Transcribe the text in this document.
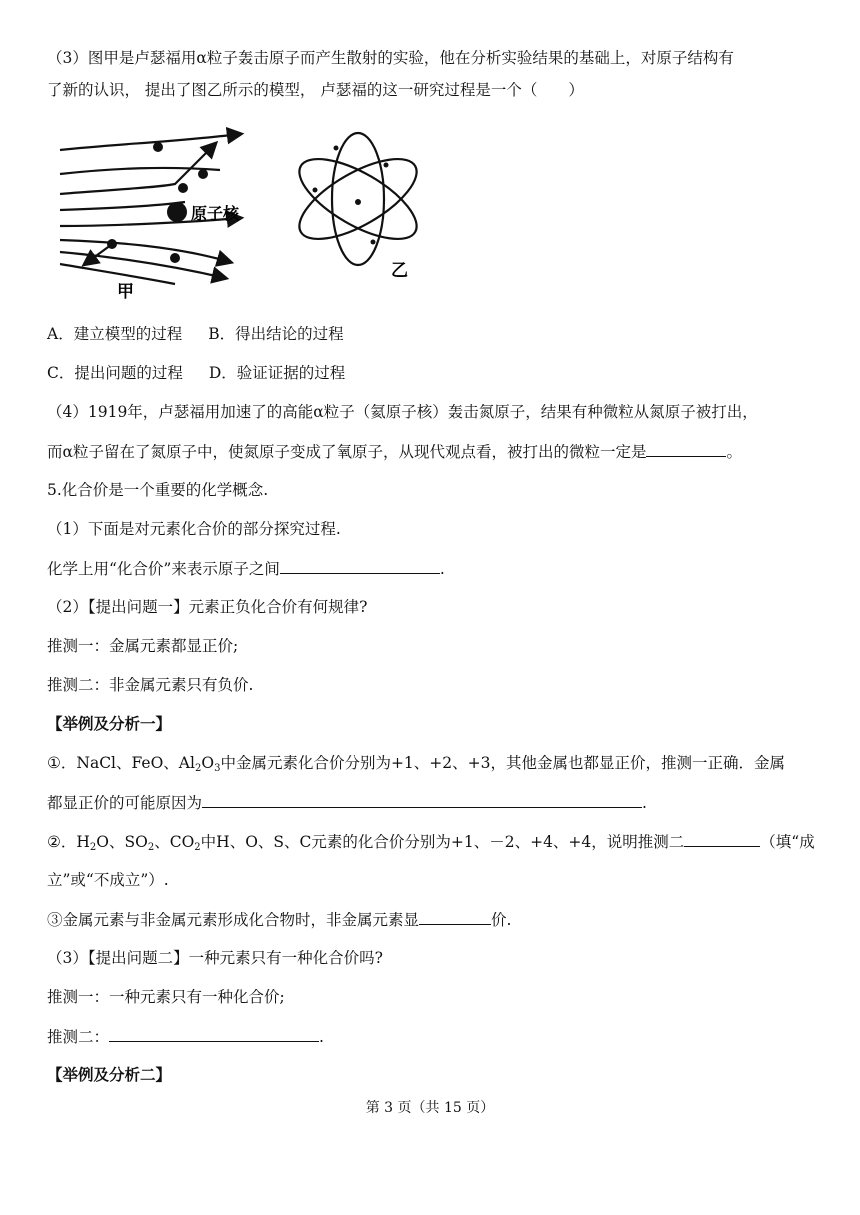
（3）图甲是卢瑟福用α粒子轰击原子而产生散射的实验，他在分析实验结果的基础上，对原子结构有
了新的认识， 提出了图乙所示的模型， 卢瑟福的这一研究过程是一个（　　）
原子核
甲
乙
A．建立模型的过程 B．得出结论的过程
C．提出问题的过程 D．验证证据的过程
（4）1919年，卢瑟福用加速了的高能α粒子（氦原子核）轰击氮原子，结果有种微粒从氮原子被打出，
而α粒子留在了氮原子中，使氮原子变成了氧原子，从现代观点看，被打出的微粒一定是	。
5.化合价是一个重要的化学概念.
（1）下面是对元素化合价的部分探究过程.
化学上用“化合价”来表示原子之间	.
（2）【提出问题一】元素正负化合价有何规律?
推测一：金属元素都显正价;
推测二：非金属元素只有负价.
【举例及分析一】
①．NaCl、FeO、$Al_2O_3$中金属元素化合价分别为+1、+2、+3，其他金属也都显正价，推测一正确．金属
都显正价的可能原因为	.
②．$H_2O$、$SO_2$、$CO_2$中H、O、S、C元素的化合价分别为+1、－2、+4、+4，说明推测二	（填“成
立”或“不成立”）.
③金属元素与非金属元素形成化合物时，非金属元素显	价.
（3）【提出问题二】一种元素只有一种化合价吗?
推测一：一种元素只有一种化合价;
推测二：	.
【举例及分析二】
第 3 页（共 15 页）
